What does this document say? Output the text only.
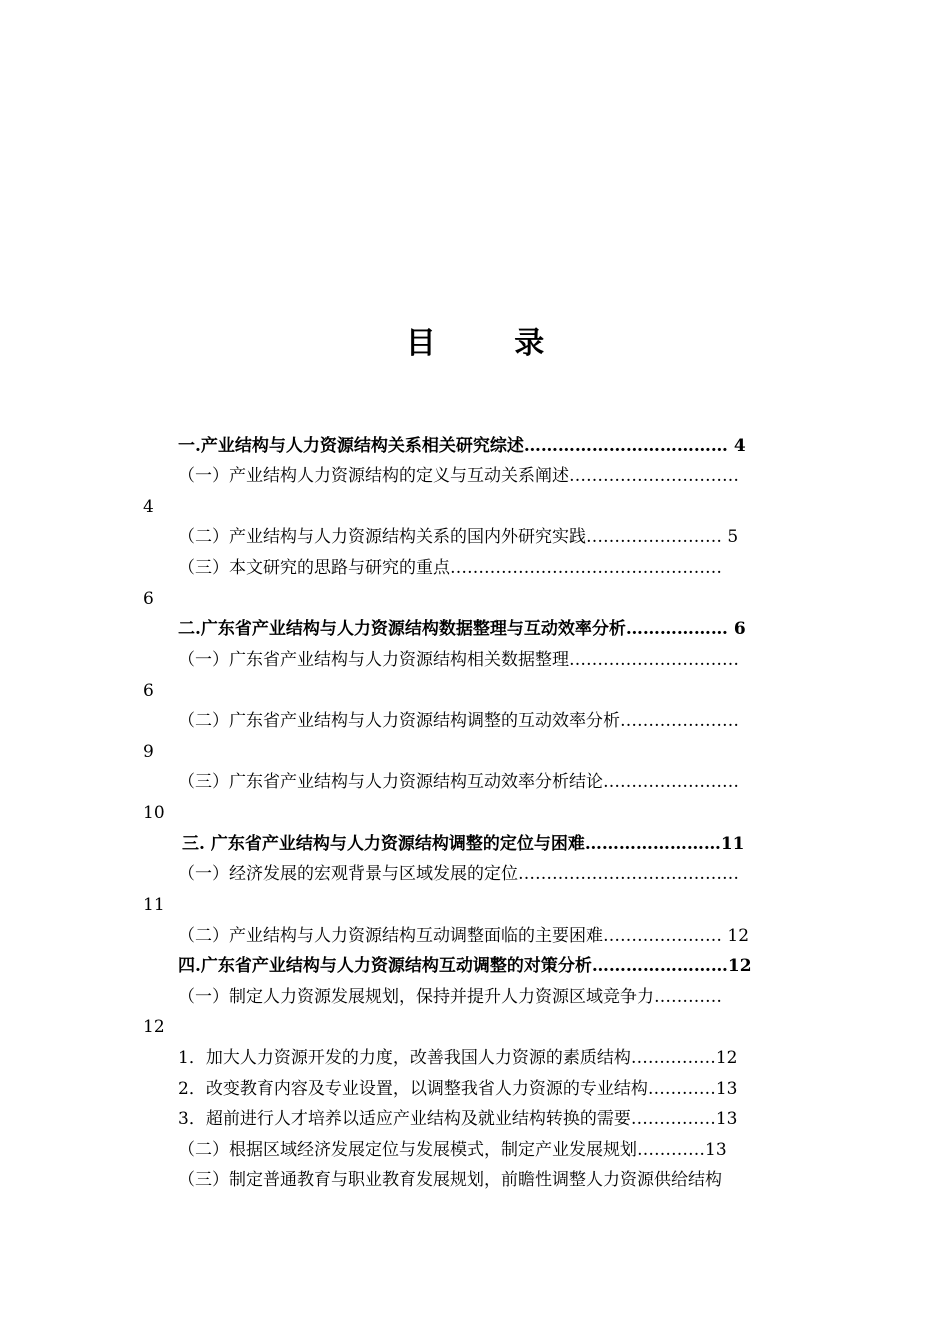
目 录
一.产业结构与人力资源结构关系相关研究综述……………………………… 4
（一）产业结构人力资源结构的定义与互动关系阐述…………………………
4
（二）产业结构与人力资源结构关系的国内外研究实践…………………… 5
（三）本文研究的思路与研究的重点…………………………………………
6
二.广东省产业结构与人力资源结构数据整理与互动效率分析……………… 6
（一）广东省产业结构与人力资源结构相关数据整理…………………………
6
（二）广东省产业结构与人力资源结构调整的互动效率分析…………………
9
（三）广东省产业结构与人力资源结构互动效率分析结论……………………
10
三. 广东省产业结构与人力资源结构调整的定位与困难……………………11
（一）经济发展的宏观背景与区域发展的定位…………………………………
11
（二）产业结构与人力资源结构互动调整面临的主要困难………………… 12
四.广东省产业结构与人力资源结构互动调整的对策分析……………………12
（一）制定人力资源发展规划，保持并提升人力资源区域竞争力…………
12
1．加大人力资源开发的力度，改善我国人力资源的素质结构……………12
2．改变教育内容及专业设置，以调整我省人力资源的专业结构…………13
3．超前进行人才培养以适应产业结构及就业结构转换的需要……………13
（二）根据区域经济发展定位与发展模式，制定产业发展规划…………13
（三）制定普通教育与职业教育发展规划，前瞻性调整人力资源供给结构
